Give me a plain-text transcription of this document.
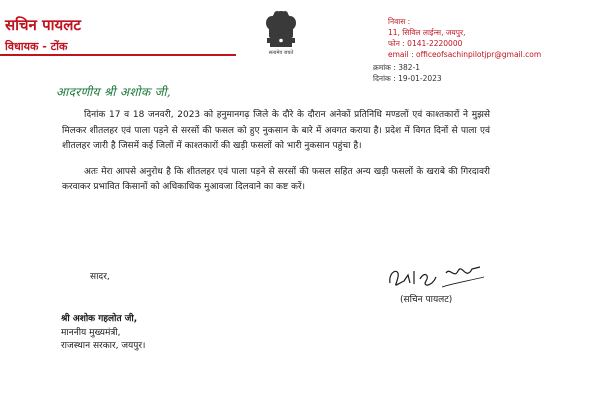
सचिन पायलट
विधायक - टोंक	सत्यमेव जयते
निवास :
11, सिविल लाईन्स, जयपुर,
फोन : 0141-2220000
email : officeofsachinpilotjpr@gmail.com
क्रमांक : 382-1
दिनांक : 19-01-2023
आदरणीय श्री अशोक जी,

दिनांक 17 व 18 जनवरी, 2023 को हनुमानगढ़ जिले के दौरे के दौरान अनेकों प्रतिनिधि मण्डलों एवं काश्तकारों ने मुझसे मिलकर शीतलहर एवं पाला पड़ने से सरसों की फसल को हुए नुकसान के बारे में अवगत कराया है। प्रदेश में विगत दिनों से पाला एवं शीतलहर जारी है जिसमें कई जिलों में काश्तकारों की खड़ी फसलों को भारी नुकसान पहुंचा है।

अतः मेरा आपसे अनुरोध है कि शीतलहर एवं पाला पड़ने से सरसों की फसल सहित अन्य खड़ी फसलों के खराबे की गिरदावरी करवाकर प्रभावित किसानों को अधिकाधिक मुआवजा दिलवाने का कष्ट करें।

सादर,
(सचिन पायलट)
श्री अशोक गहलोत जी,
माननीय मुख्यमंत्री,
राजस्थान सरकार, जयपुर।
